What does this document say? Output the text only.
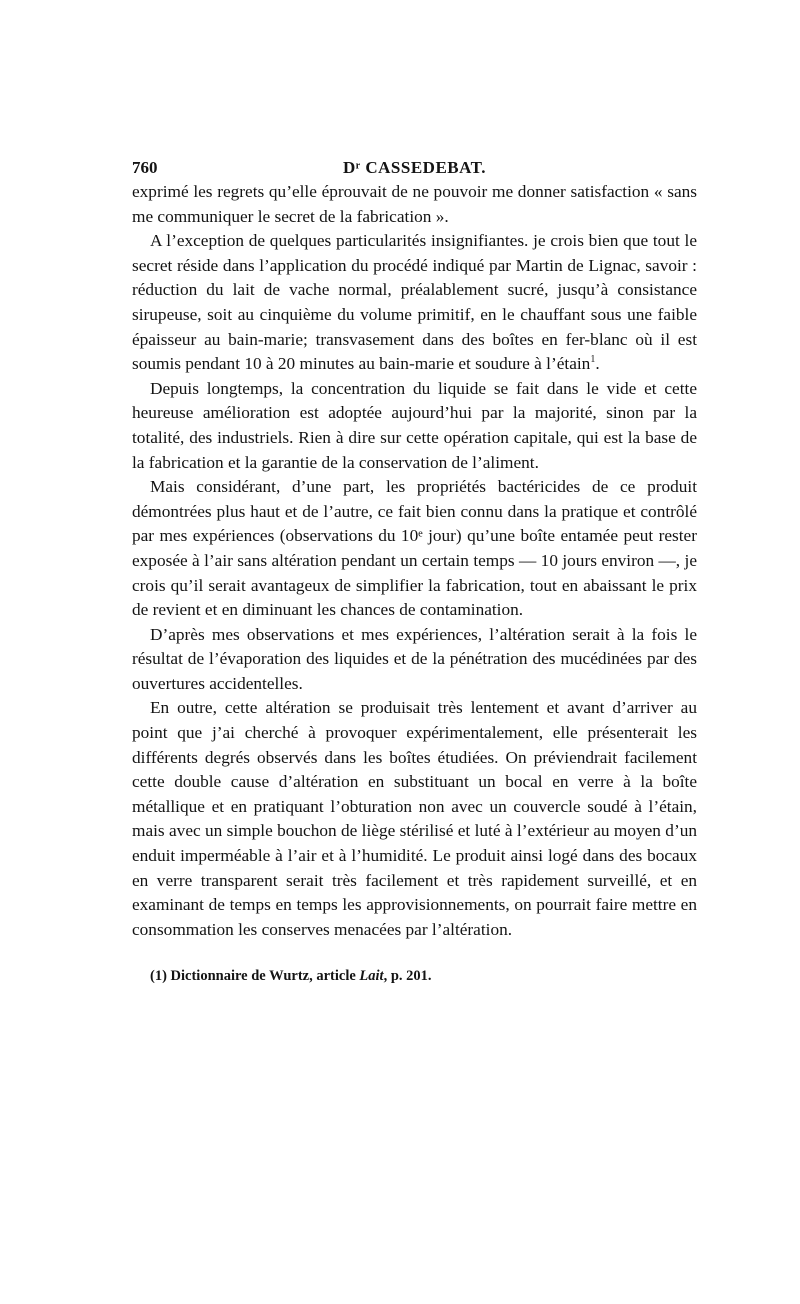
760	Dʳ CASSEDEBAT.

exprimé les regrets qu’elle éprouvait de ne pouvoir me donner satisfaction « sans me communiquer le secret de la fabrication ».

A l’exception de quelques particularités insignifiantes. je crois bien que tout le secret réside dans l’application du procédé indiqué par Martin de Lignac, savoir : réduction du lait de vache normal, préalablement sucré, jusqu’à consistance sirupeuse, soit au cinquième du volume primitif, en le chauffant sous une faible épaisseur au bain-marie; transvasement dans des boîtes en fer-blanc où il est soumis pendant 10 à 20 minutes au bain-marie et soudure à l’étain$^1$.

Depuis longtemps, la concentration du liquide se fait dans le vide et cette heureuse amélioration est adoptée aujourd’hui par la majorité, sinon par la totalité, des industriels. Rien à dire sur cette opération capitale, qui est la base de la fabrication et la garantie de la conservation de l’aliment.

Mais considérant, d’une part, les propriétés bactéricides de ce produit démontrées plus haut et de l’autre, ce fait bien connu dans la pratique et contrôlé par mes expériences (observations du 10ᵉ jour) qu’une boîte entamée peut rester exposée à l’air sans altération pendant un certain temps — 10 jours environ —, je crois qu’il serait avantageux de simplifier la fabrication, tout en abaissant le prix de revient et en diminuant les chances de contamination.

D’après mes observations et mes expériences, l’altération serait à la fois le résultat de l’évaporation des liquides et de la pénétration des mucédinées par des ouvertures accidentelles.

En outre, cette altération se produisait très lentement et avant d’arriver au point que j’ai cherché à provoquer expérimentalement, elle présenterait les différents degrés observés dans les boîtes étudiées. On préviendrait facilement cette double cause d’altération en substituant un bocal en verre à la boîte métallique et en pratiquant l’obturation non avec un couvercle soudé à l’étain, mais avec un simple bouchon de liège stérilisé et luté à l’extérieur au moyen d’un enduit imperméable à l’air et à l’humidité. Le produit ainsi logé dans des bocaux en verre transparent serait très facilement et très rapidement surveillé, et en examinant de temps en temps les approvisionnements, on pourrait faire mettre en consommation les conserves menacées par l’altération.

(1) Dictionnaire de Wurtz, article Lait, p. 201.
